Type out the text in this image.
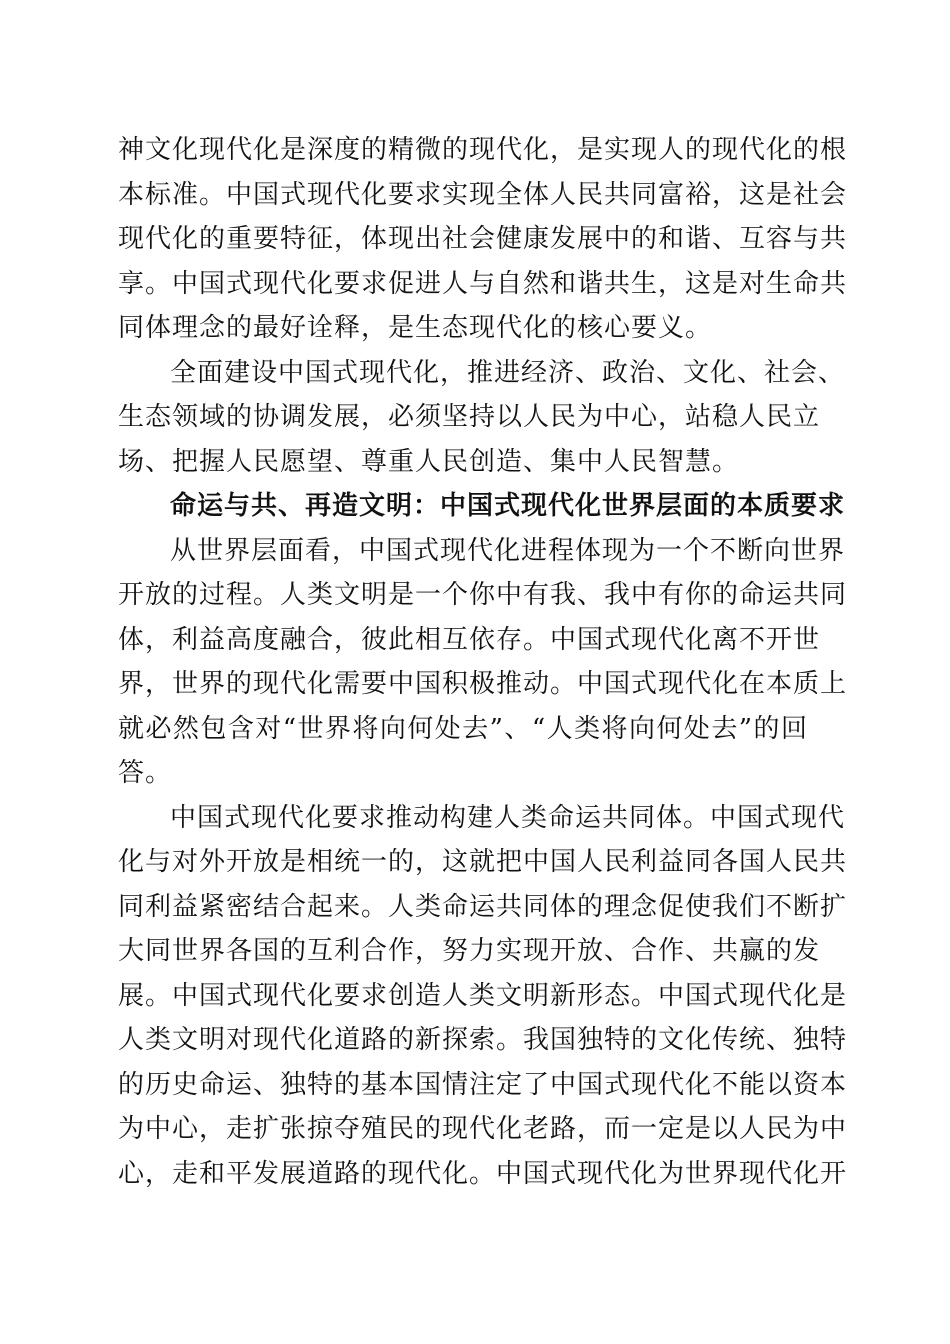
神文化现代化是深度的精微的现代化，是实现人的现代化的根
本标准。中国式现代化要求实现全体人民共同富裕，这是社会
现代化的重要特征，体现出社会健康发展中的和谐、互容与共
享。中国式现代化要求促进人与自然和谐共生，这是对生命共
同体理念的最好诠释，是生态现代化的核心要义。
全面建设中国式现代化，推进经济、政治、文化、社会、
生态领域的协调发展，必须坚持以人民为中心，站稳人民立
场、把握人民愿望、尊重人民创造、集中人民智慧。
命运与共、再造文明：中国式现代化世界层面的本质要求
从世界层面看，中国式现代化进程体现为一个不断向世界
开放的过程。人类文明是一个你中有我、我中有你的命运共同
体，利益高度融合，彼此相互依存。中国式现代化离不开世
界，世界的现代化需要中国积极推动。中国式现代化在本质上
就必然包含对“世界将向何处去”、“人类将向何处去”的回
答。
中国式现代化要求推动构建人类命运共同体。中国式现代
化与对外开放是相统一的，这就把中国人民利益同各国人民共
同利益紧密结合起来。人类命运共同体的理念促使我们不断扩
大同世界各国的互利合作，努力实现开放、合作、共赢的发
展。中国式现代化要求创造人类文明新形态。中国式现代化是
人类文明对现代化道路的新探索。我国独特的文化传统、独特
的历史命运、独特的基本国情注定了中国式现代化不能以资本
为中心，走扩张掠夺殖民的现代化老路，而一定是以人民为中
心，走和平发展道路的现代化。中国式现代化为世界现代化开
